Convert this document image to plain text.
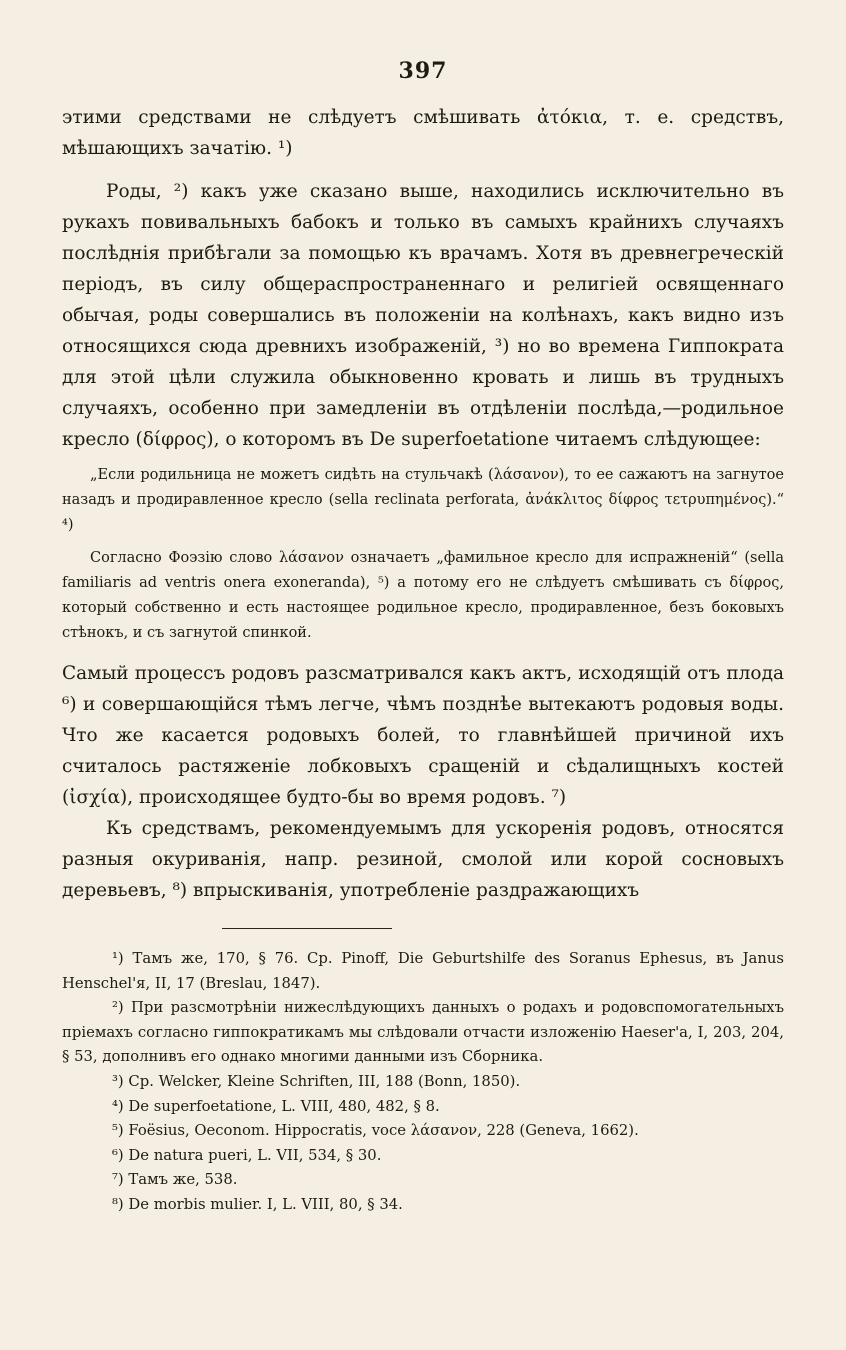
397

этими средствами не слѣдуетъ смѣшивать ἀτόκια, т. е. средствъ, мѣшающихъ зачатію. ¹)

Роды, ²) какъ уже сказано выше, находились исключительно въ рукахъ повивальныхъ бабокъ и только въ самыхъ крайнихъ случаяхъ послѣднія прибѣгали за помощью къ врачамъ. Хотя въ древнегреческій періодъ, въ силу общераспространеннаго и религіей освященнаго обычая, роды совершались въ положеніи на колѣнахъ, какъ видно изъ относящихся сюда древнихъ изображеній, ³) но во времена Гиппократа для этой цѣли служила обыкновенно кровать и лишь въ трудныхъ случаяхъ, особенно при замедленіи въ отдѣленіи послѣда,—родильное кресло (δίφρος), о которомъ въ De superfoetatione читаемъ слѣдующее:

„Если родильница не можетъ сидѣть на стульчакѣ (λάσανον), то ее сажаютъ на загнутое назадъ и продиравленное кресло (sella reclinata perforata, ἀνάκλιτος δίφρος τετρυπημένος).“ ⁴)

Согласно Фоэзію слово λάσανον означаетъ „фамильное кресло для испражненій“ (sella familiaris ad ventris onera exoneranda), ⁵) а потому его не слѣдуетъ смѣшивать съ δίφρος, который собственно и есть настоящее родильное кресло, продиравленное, безъ боковыхъ стѣнокъ, и съ загнутой спинкой.

Самый процессъ родовъ разсматривался какъ актъ, исходящій отъ плода ⁶) и совершающійся тѣмъ легче, чѣмъ позднѣе вытекаютъ родовыя воды. Что же касается родовыхъ болей, то главнѣйшей причиной ихъ считалось растяженіе лобковыхъ сращеній и сѣдалищныхъ костей (ἰσχία), происходящее будто-бы во время родовъ. ⁷)

Къ средствамъ, рекомендуемымъ для ускоренія родовъ, относятся разныя окуриванія, напр. резиной, смолой или корой сосновыхъ деревьевъ, ⁸) впрыскиванія, употребленіе раздражающихъ

¹) Тамъ же, 170, § 76. Cp. Pinoff, Die Geburtshilfe des Soranus Ephesus, въ Janus Henschel'я, II, 17 (Breslau, 1847).

²) При разсмотрѣніи нижеслѣдующихъ данныхъ о родахъ и родовспомогательныхъ пріемахъ согласно гиппократикамъ мы слѣдовали отчасти изложенію Haeser'а, I, 203, 204, § 53, дополнивъ его однако многими данными изъ Сборника.

³) Cp. Welcker, Kleine Schriften, III, 188 (Bonn, 1850).

⁴) De superfoetatione, L. VIII, 480, 482, § 8.

⁵) Foësius, Oeconom. Hippocratis, voce λάσανον, 228 (Geneva, 1662).

⁶) De natura pueri, L. VII, 534, § 30.

⁷) Тамъ же, 538.

⁸) De morbis mulier. I, L. VIII, 80, § 34.
